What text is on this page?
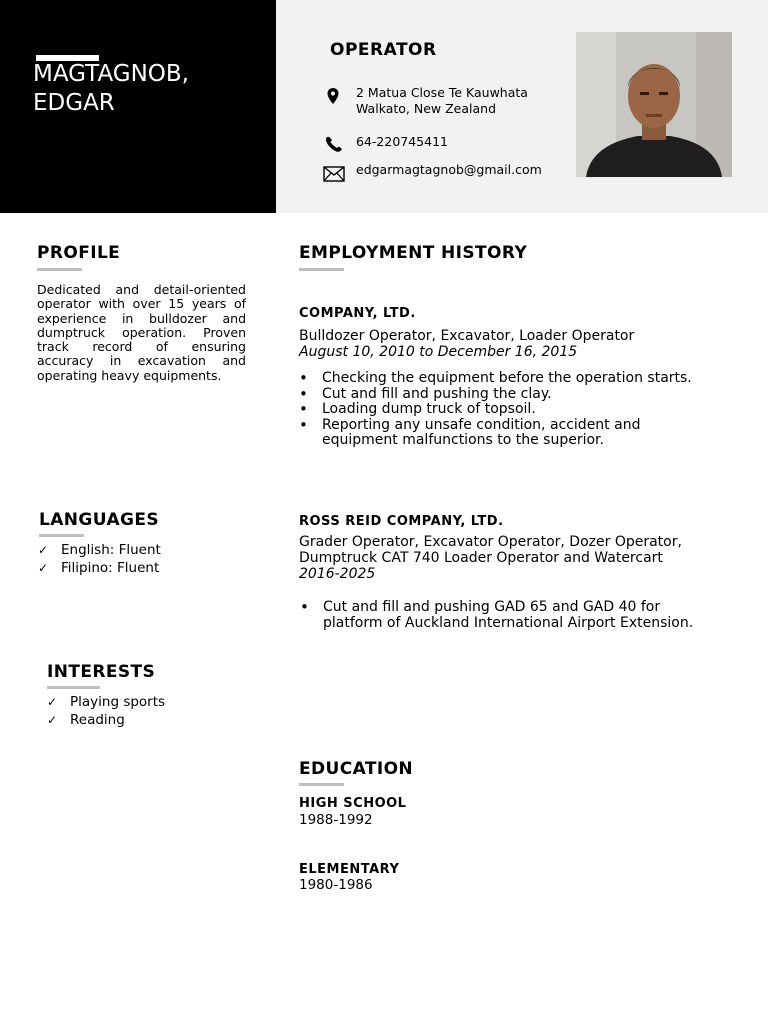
MAGTAGNOB,
EDGAR
OPERATOR
2 Matua Close Te Kauwhata
Walkato, New Zealand
64-220745411
edgarmagtagnob@gmail.com
PROFILE
Dedicated and detail-oriented operator with over 15 years of experience in bulldozer and dumptruck operation. Proven track record of ensuring accuracy in excavation and operating heavy equipments.
LANGUAGES
✓ English: Fluent
✓ Filipino: Fluent
INTERESTS
✓ Playing sports
✓ Reading
EMPLOYMENT HISTORY
COMPANY, LTD.
Bulldozer Operator, Excavator, Loader Operator
August 10, 2010 to December 16, 2015
• Checking the equipment before the operation starts.
• Cut and fill and pushing the clay.
• Loading dump truck of topsoil.
• Reporting any unsafe condition, accident and equipment malfunctions to the superior.
ROSS REID COMPANY, LTD.
Grader Operator, Excavator Operator, Dozer Operator,
Dumptruck CAT 740 Loader Operator and Watercart
2016-2025
• Cut and fill and pushing GAD 65 and GAD 40 for platform of Auckland International Airport Extension.
EDUCATION
HIGH SCHOOL
1988-1992
ELEMENTARY
1980-1986
